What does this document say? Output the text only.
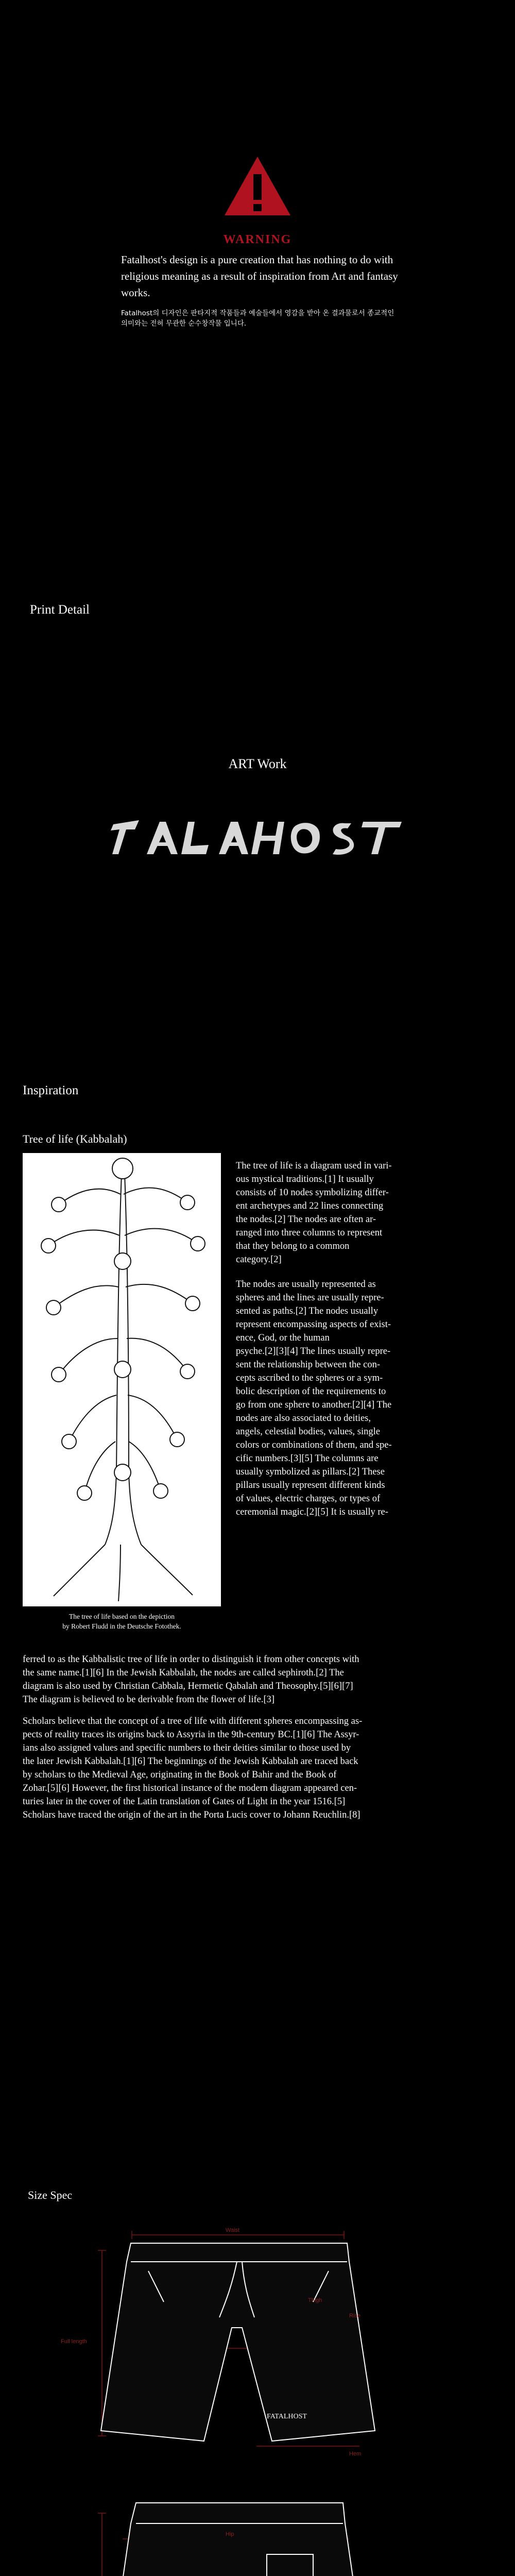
WARNING
Fatalhost's design is a pure creation that has nothing to do with religious meaning as a result of inspiration from Art and fantasy works.
Fatalhost의 디자인은 판타지적 작품들과 예술들에서 영감을 받아 온 결과물로서 종교적인 의미와는 전혀 무관한 순수창작물 입니다.
Print Detail
ART Work
Inspiration
Tree of life (Kabbalah)
The tree of life based on the depiction
by Robert Fludd in the Deutsche Fotothek.
The tree of life is a diagram used in vari-
ous mystical traditions.[1] It usually
consists of 10 nodes symbolizing differ-
ent archetypes and 22 lines connecting
the nodes.[2] The nodes are often ar-
ranged into three columns to represent
that they belong to a common
category.[2]
The nodes are usually represented as
spheres and the lines are usually repre-
sented as paths.[2] The nodes usually
represent encompassing aspects of exist-
ence, God, or the human
psyche.[2][3][4] The lines usually repre-
sent the relationship between the con-
cepts ascribed to the spheres or a sym-
bolic description of the requirements to
go from one sphere to another.[2][4] The
nodes are also associated to deities,
angels, celestial bodies, values, single
colors or combinations of them, and spe-
cific numbers.[3][5] The columns are
usually symbolized as pillars.[2] These
pillars usually represent different kinds
of values, electric charges, or types of
ceremonial magic.[2][5] It is usually re-
ferred to as the Kabbalistic tree of life in order to distinguish it from other concepts with
the same name.[1][6] In the Jewish Kabbalah, the nodes are called sephiroth.[2] The
diagram is also used by Christian Cabbala, Hermetic Qabalah and Theosophy.[5][6][7]
The diagram is believed to be derivable from the flower of life.[3]
Scholars believe that the concept of a tree of life with different spheres encompassing as-
pects of reality traces its origins back to Assyria in the 9th-century BC.[1][6] The Assyr-
ians also assigned values and specific numbers to their deities similar to those used by
the later Jewish Kabbalah.[1][6] The beginnings of the Jewish Kabbalah are traced back
by scholars to the Medieval Age, originating in the Book of Bahir and the Book of
Zohar.[5][6] However, the first historical instance of the modern diagram appeared cen-
turies later in the cover of the Latin translation of Gates of Light in the year 1516.[5]
Scholars have traced the origin of the art in the Porta Lucis cover to Johann Reuchlin.[8]
Size Spec
FATALHOST
Waist
Full length
Rise
Thigh
Hem
Hip
